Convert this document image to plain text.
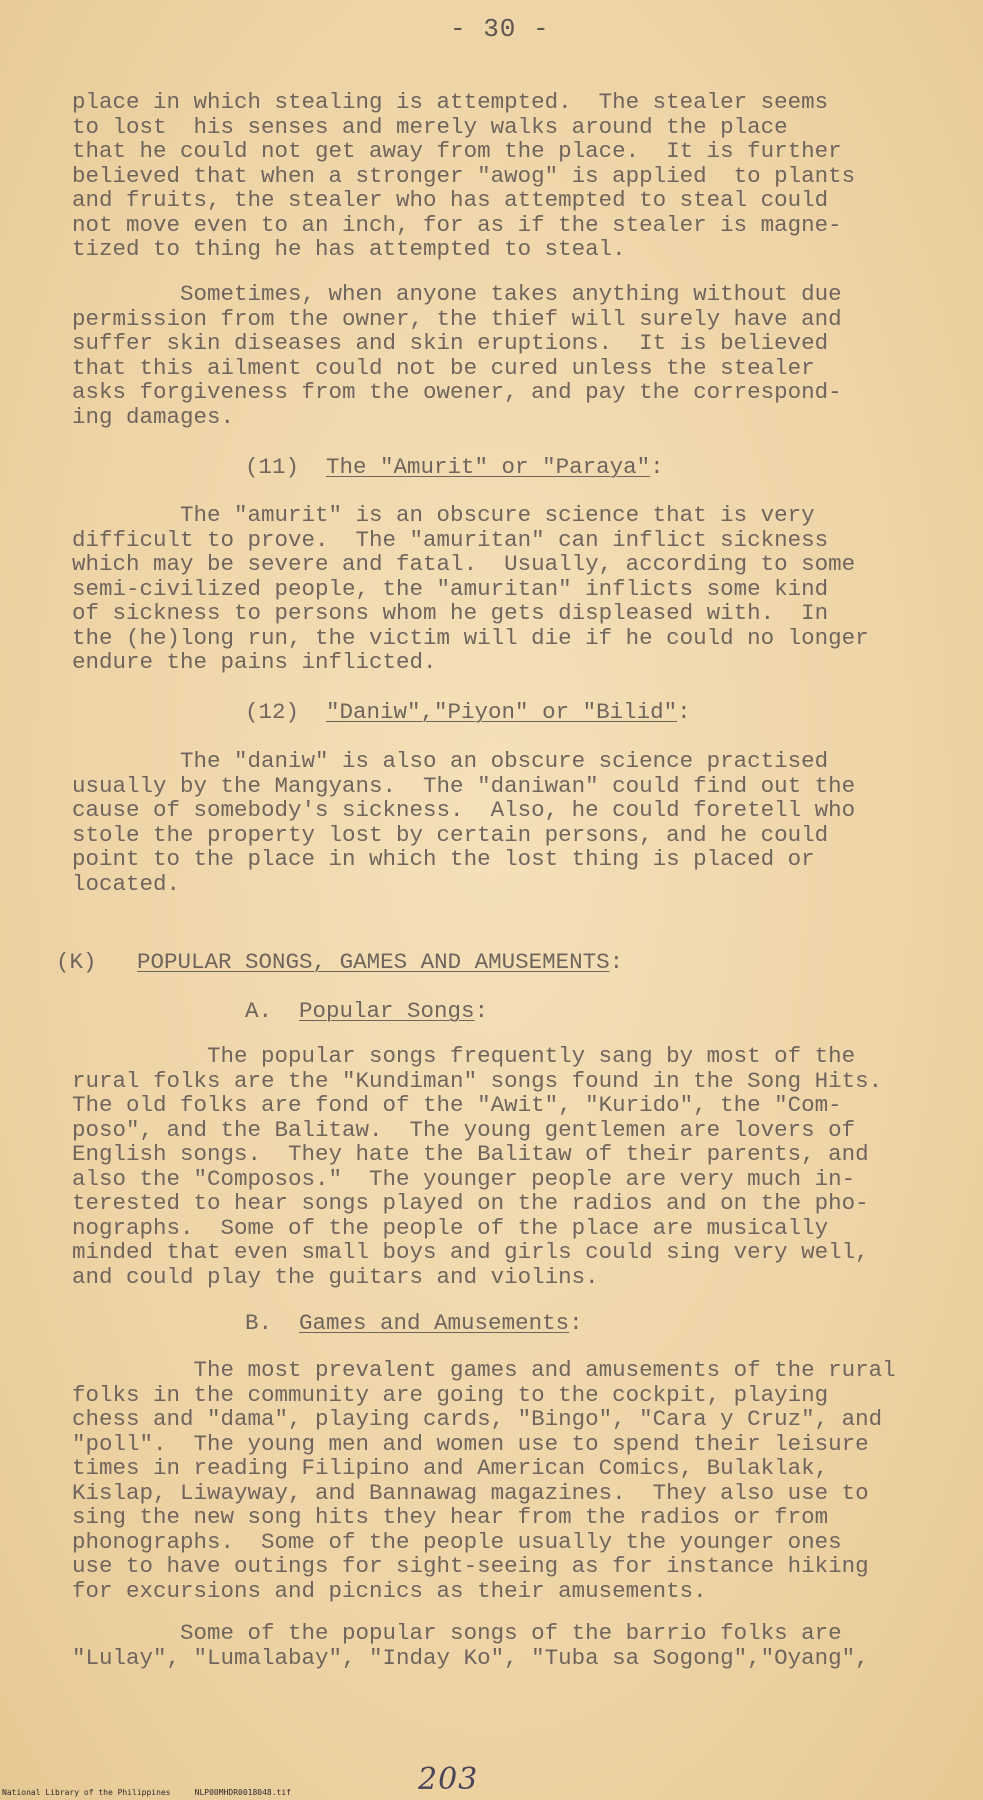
- 30 -

place in which stealing is attempted.  The stealer seems
to lost  his senses and merely walks around the place
that he could not get away from the place.  It is further
believed that when a stronger "awog" is applied  to plants
and fruits, the stealer who has attempted to steal could
not move even to an inch, for as if the stealer is magne-
tized to thing he has attempted to steal.

Sometimes, when anyone takes anything without due
permission from the owner, the thief will surely have and
suffer skin diseases and skin eruptions.  It is believed
that this ailment could not be cured unless the stealer
asks forgiveness from the owener, and pay the correspond-
ing damages.

(11) The "Amurit" or "Paraya":

The "amurit" is an obscure science that is very
difficult to prove.  The "amuritan" can inflict sickness
which may be severe and fatal.  Usually, according to some
semi-civilized people, the "amuritan" inflicts some kind
of sickness to persons whom he gets displeased with.  In
the (he)long run, the victim will die if he could no longer
endure the pains inflicted.

(12) "Daniw","Piyon" or "Bilid":

The "daniw" is also an obscure science practised
usually by the Mangyans.  The "daniwan" could find out the
cause of somebody's sickness.  Also, he could foretell who
stole the property lost by certain persons, and he could
point to the place in which the lost thing is placed or
located.

(K) POPULAR SONGS, GAMES AND AMUSEMENTS:
A. Popular Songs:

The popular songs frequently sang by most of the
rural folks are the "Kundiman" songs found in the Song Hits.
The old folks are fond of the "Awit", "Kurido", the "Com-
poso", and the Balitaw.  The young gentlemen are lovers of
English songs.  They hate the Balitaw of their parents, and
also the "Composos."  The younger people are very much in-
terested to hear songs played on the radios and on the pho-
nographs.  Some of the people of the place are musically
minded that even small boys and girls could sing very well,
and could play the guitars and violins.

B. Games and Amusements:

The most prevalent games and amusements of the rural
folks in the community are going to the cockpit, playing
chess and "dama", playing cards, "Bingo", "Cara y Cruz", and
"poll".  The young men and women use to spend their leisure
times in reading Filipino and American Comics, Bulaklak,
Kislap, Liwayway, and Bannawag magazines.  They also use to
sing the new song hits they hear from the radios or from
phonographs.  Some of the people usually the younger ones
use to have outings for sight-seeing as for instance hiking
for excursions and picnics as their amusements.

Some of the popular songs of the barrio folks are
"Lulay", "Lumalabay", "Inday Ko", "Tuba sa Sogong","Oyang",

203
National Library of the Philippines     NLP00MHDR0018048.tif
